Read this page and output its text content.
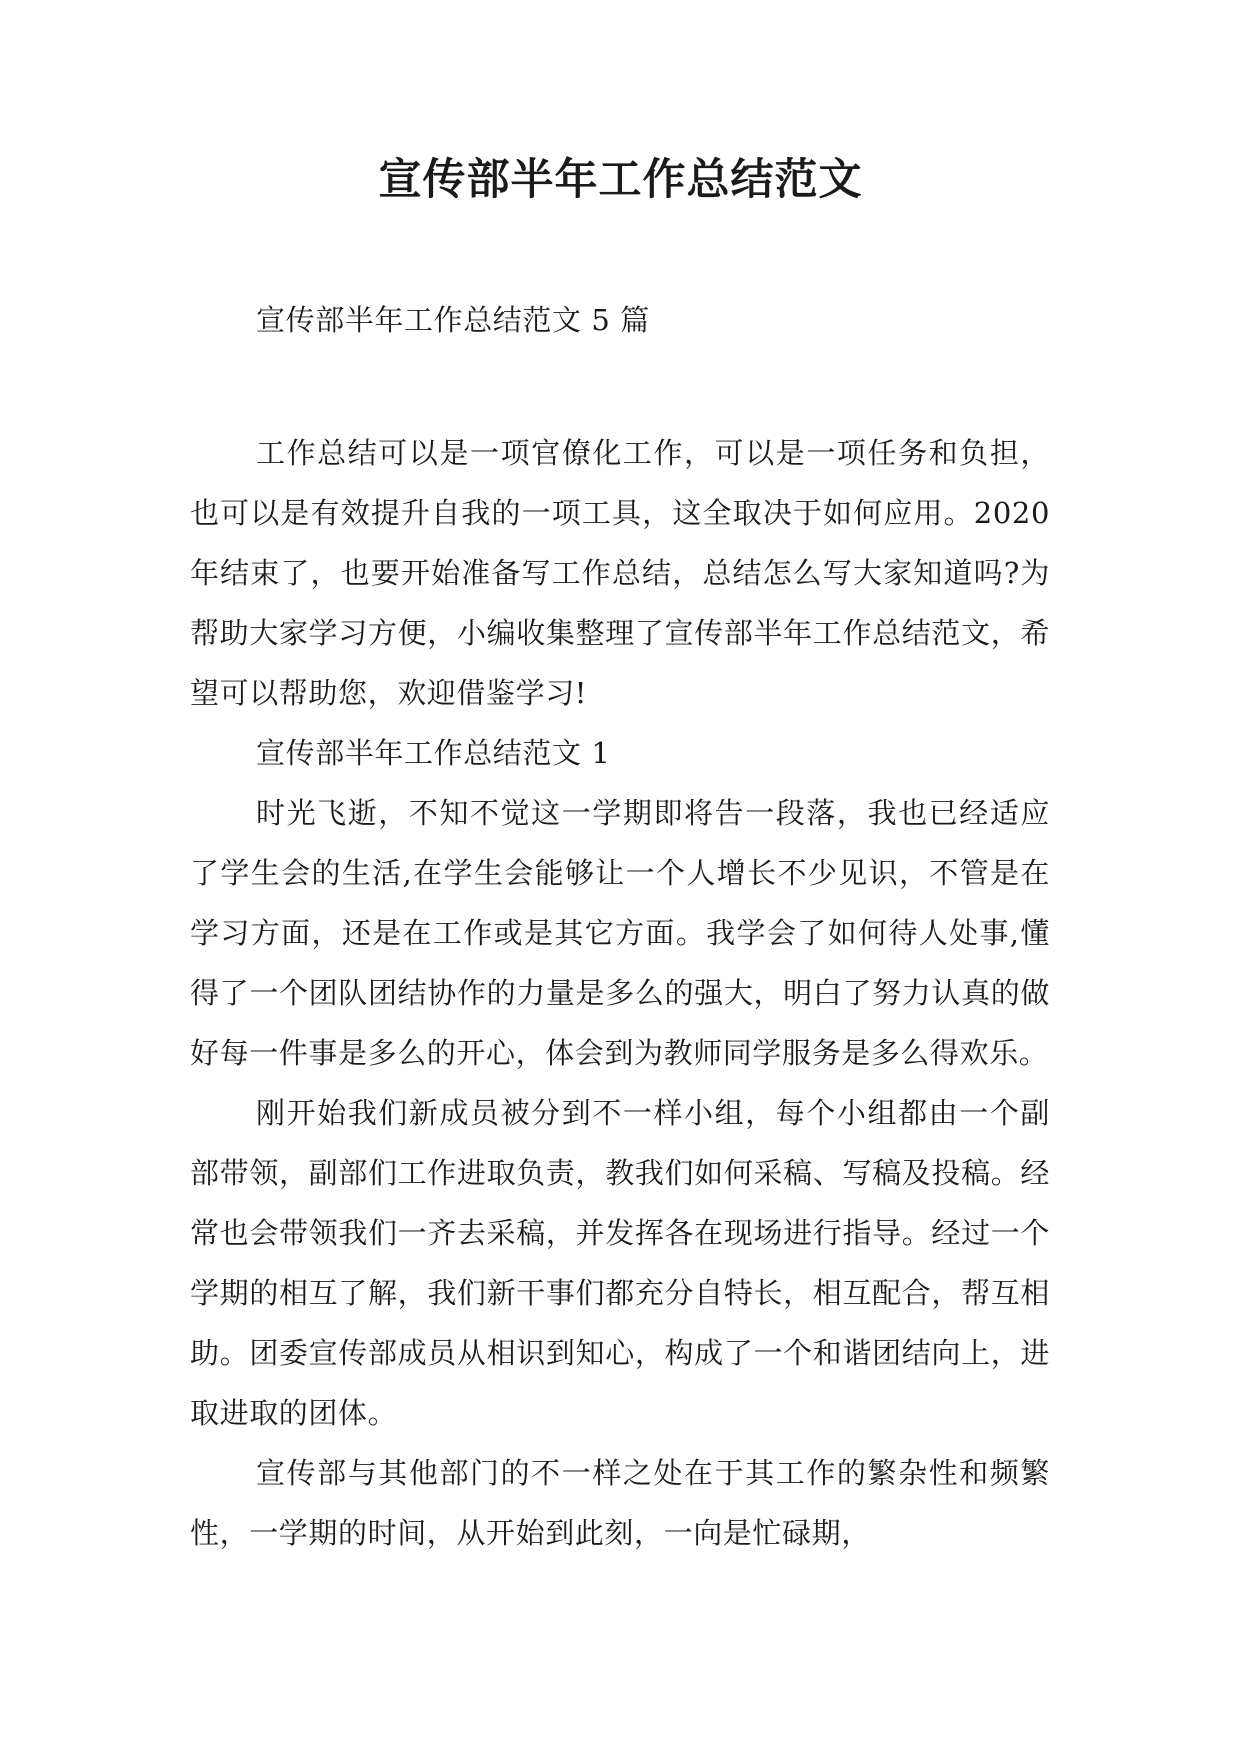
宣传部半年工作总结范文

宣传部半年工作总结范文 5 篇

工作总结可以是一项官僚化工作，可以是一项任务和负担，也可以是有效提升自我的一项工具，这全取决于如何应用。2020 年结束了，也要开始准备写工作总结，总结怎么写大家知道吗?为帮助大家学习方便，小编收集整理了宣传部半年工作总结范文，希望可以帮助您，欢迎借鉴学习!

宣传部半年工作总结范文 1

时光飞逝，不知不觉这一学期即将告一段落，我也已经适应了学生会的生活,在学生会能够让一个人增长不少见识，不管是在学习方面，还是在工作或是其它方面。我学会了如何待人处事,懂得了一个团队团结协作的力量是多么的强大，明白了努力认真的做好每一件事是多么的开心，体会到为教师同学服务是多么得欢乐。

刚开始我们新成员被分到不一样小组，每个小组都由一个副部带领，副部们工作进取负责，教我们如何采稿、写稿及投稿。经常也会带领我们一齐去采稿，并发挥各在现场进行指导。经过一个学期的相互了解，我们新干事们都充分自特长，相互配合，帮互相助。团委宣传部成员从相识到知心，构成了一个和谐团结向上，进取进取的团体。

宣传部与其他部门的不一样之处在于其工作的繁杂性和频繁性，一学期的时间，从开始到此刻，一向是忙碌期，
